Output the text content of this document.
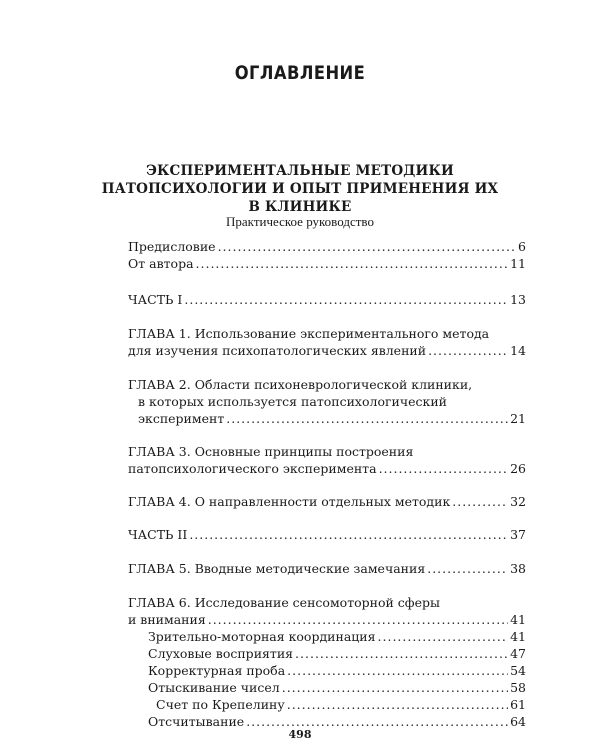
ОГЛАВЛЕНИЕ
ЭКСПЕРИМЕНТАЛЬНЫЕ МЕТОДИКИ
ПАТОПСИХОЛОГИИ И ОПЫТ ПРИМЕНЕНИЯ ИХ
В КЛИНИКЕ
Практическое руководство
Предисловие .....	6
От автора .....	11
ЧАСТЬ I .....	13
ГЛАВА 1. Использование экспериментального метода
для изучения психопатологических явлений .....	14
ГЛАВА 2. Области психоневрологической клиники,
в которых используется патопсихологический
эксперимент .....	21
ГЛАВА 3. Основные принципы построения
патопсихологического эксперимента .....	26
ГЛАВА 4. О направленности отдельных методик .....	32
ЧАСТЬ II .....	37
ГЛАВА 5. Вводные методические замечания .....	38
ГЛАВА 6. Исследование сенсомоторной сферы
и внимания .....	41
Зрительно-моторная координация .....	41
Слуховые восприятия .....	47
Корректурная проба .....	54
Отыскивание чисел .....	58
Счет по Крепелину .....	61
Отсчитывание .....	64
498
